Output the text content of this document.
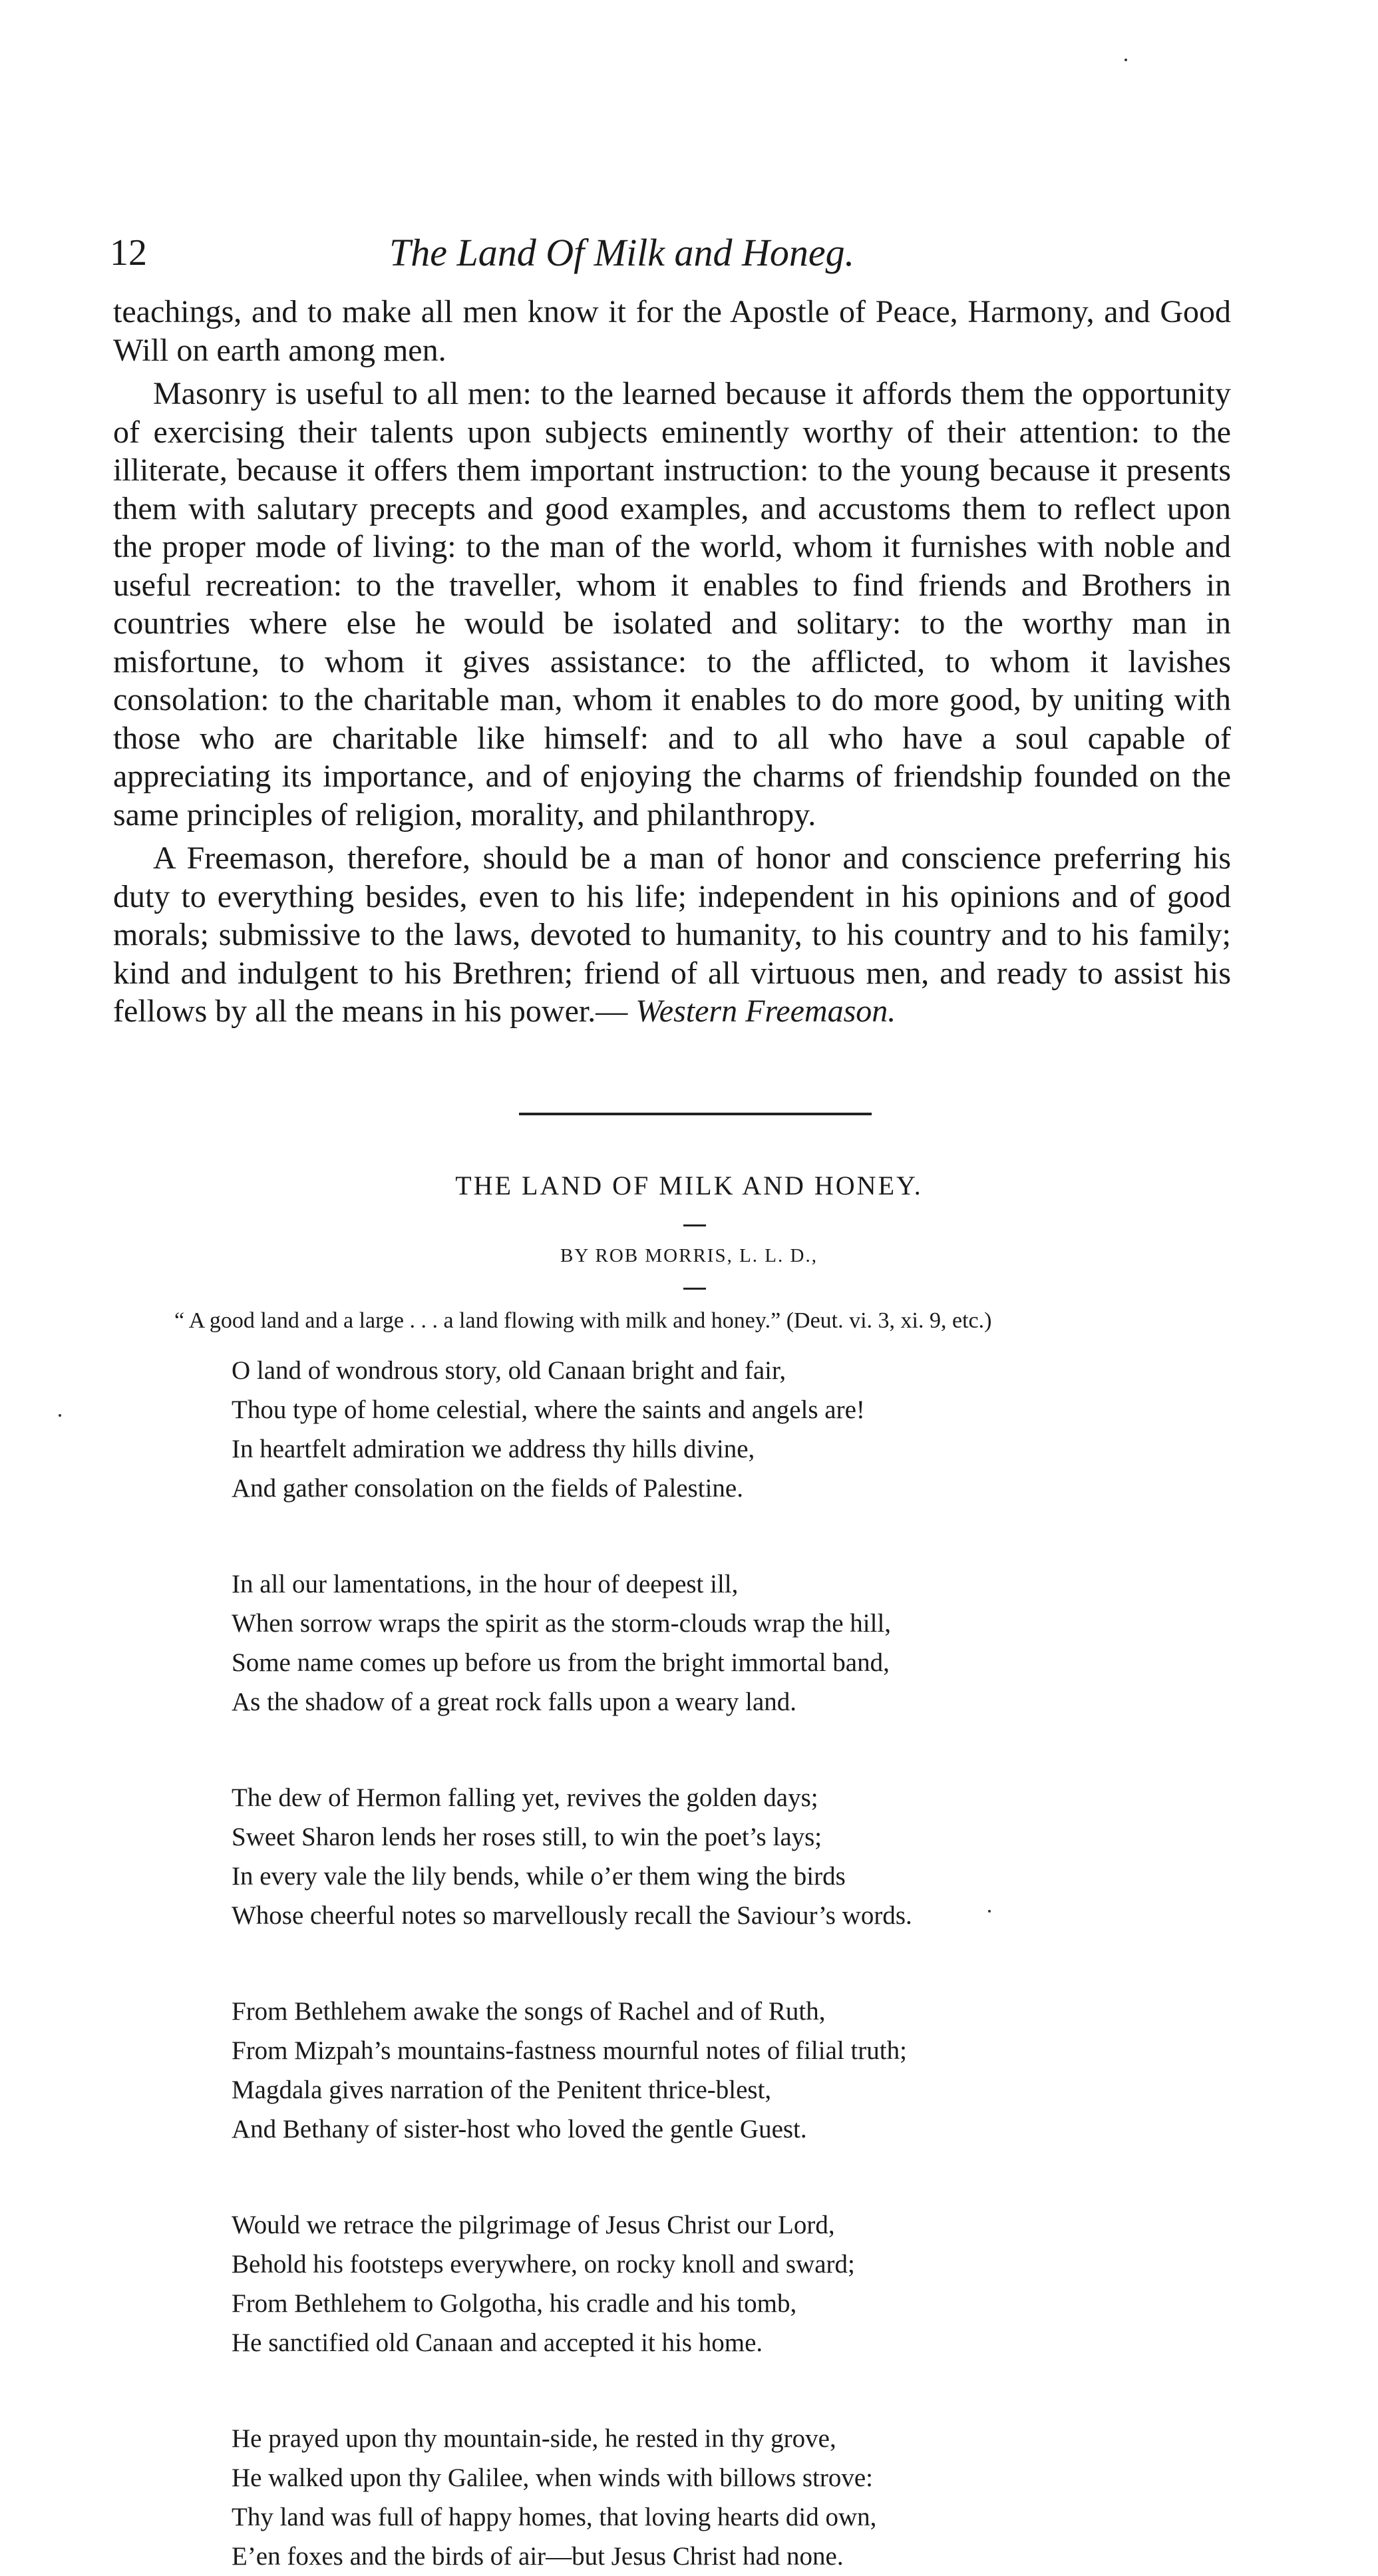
12	The Land Of Milk and Honeg.

teachings, and to make all men know it for the Apostle of Peace, Harmony, and Good Will on earth among men.

Masonry is useful to all men: to the learned because it affords them the opportunity of exercising their talents upon subjects eminently worthy of their attention: to the illiterate, because it offers them important instruction: to the young because it presents them with salutary precepts and good examples, and accustoms them to reflect upon the proper mode of living: to the man of the world, whom it furnishes with noble and useful recreation: to the traveller, whom it enables to find friends and Brothers in countries where else he would be isolated and solitary: to the worthy man in misfortune, to whom it gives assistance: to the afflicted, to whom it lavishes consolation: to the charitable man, whom it enables to do more good, by uniting with those who are charitable like himself: and to all who have a soul capable of appreciating its importance, and of enjoying the charms of friendship founded on the same principles of religion, morality, and philanthropy.

A Freemason, therefore, should be a man of honor and conscience preferring his duty to everything besides, even to his life; independent in his opinions and of good morals; submissive to the laws, devoted to humanity, to his country and to his family; kind and indulgent to his Brethren; friend of all virtuous men, and ready to assist his fellows by all the means in his power.— Western Freemason.

THE LAND OF MILK AND HONEY.
BY ROB MORRIS, L. L. D.,
“ A good land and a large . . . a land flowing with milk and honey.” (Deut. vi. 3, xi. 9, etc.)
O land of wondrous story, old Canaan bright and fair,
Thou type of home celestial, where the saints and angels are!
In heartfelt admiration we address thy hills divine,
And gather consolation on the fields of Palestine.
In all our lamentations, in the hour of deepest ill,
When sorrow wraps the spirit as the storm-clouds wrap the hill,
Some name comes up before us from the bright immortal band,
As the shadow of a great rock falls upon a weary land.
The dew of Hermon falling yet, revives the golden days;
Sweet Sharon lends her roses still, to win the poet’s lays;
In every vale the lily bends, while o’er them wing the birds
Whose cheerful notes so marvellously recall the Saviour’s words.
From Bethlehem awake the songs of Rachel and of Ruth,
From Mizpah’s mountains-fastness mournful notes of filial truth;
Magdala gives narration of the Penitent thrice-blest,
And Bethany of sister-host who loved the gentle Guest.
Would we retrace the pilgrimage of Jesus Christ our Lord,
Behold his footsteps everywhere, on rocky knoll and sward;
From Bethlehem to Golgotha, his cradle and his tomb,
He sanctified old Canaan and accepted it his home.
He prayed upon thy mountain-side, he rested in thy grove,
He walked upon thy Galilee, when winds with billows strove:
Thy land was full of happy homes, that loving hearts did own,
E’en foxes and the birds of air—but Jesus Christ had none.
